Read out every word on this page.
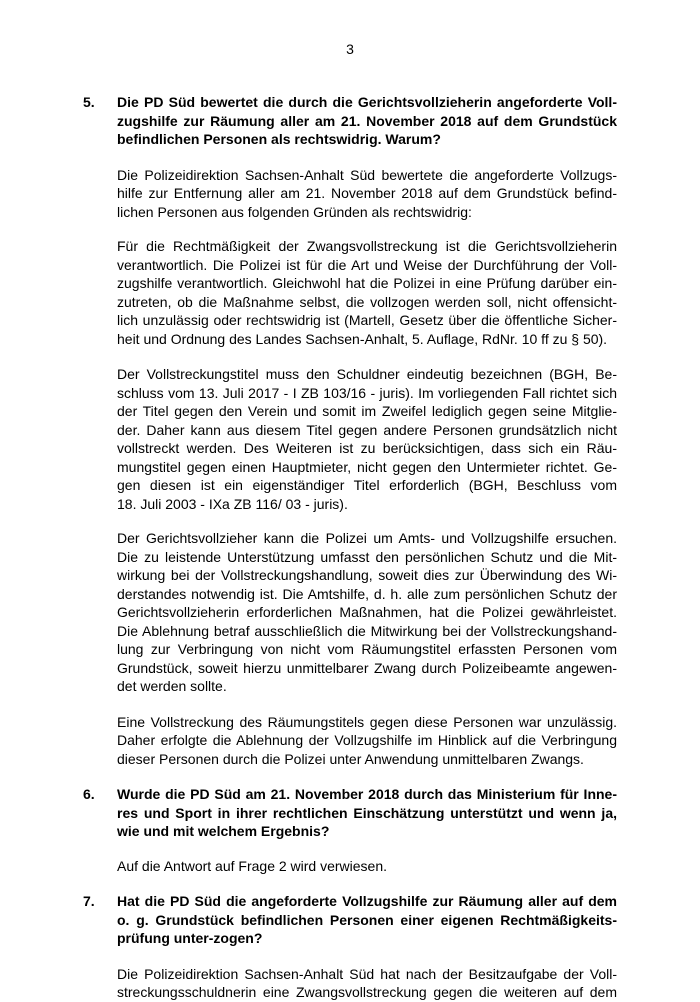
3
5.	Die PD Süd bewertet die durch die Gerichtsvollzieherin angeforderte Voll-
zugshilfe zur Räumung aller am 21. November 2018 auf dem Grundstück
befindlichen Personen als rechtswidrig. Warum?
Die Polizeidirektion Sachsen-Anhalt Süd bewertete die angeforderte Vollzugs-
hilfe zur Entfernung aller am 21. November 2018 auf dem Grundstück befind-
lichen Personen aus folgenden Gründen als rechtswidrig:
Für die Rechtmäßigkeit der Zwangsvollstreckung ist die Gerichtsvollzieherin
verantwortlich. Die Polizei ist für die Art und Weise der Durchführung der Voll-
zugshilfe verantwortlich. Gleichwohl hat die Polizei in eine Prüfung darüber ein-
zutreten, ob die Maßnahme selbst, die vollzogen werden soll, nicht offensicht-
lich unzulässig oder rechtswidrig ist (Martell, Gesetz über die öffentliche Sicher-
heit und Ordnung des Landes Sachsen-Anhalt, 5. Auflage, RdNr. 10 ff zu § 50).
Der Vollstreckungstitel muss den Schuldner eindeutig bezeichnen (BGH, Be-
schluss vom 13. Juli 2017 - I ZB 103/16 - juris). Im vorliegenden Fall richtet sich
der Titel gegen den Verein und somit im Zweifel lediglich gegen seine Mitglie-
der. Daher kann aus diesem Titel gegen andere Personen grundsätzlich nicht
vollstreckt werden. Des Weiteren ist zu berücksichtigen, dass sich ein Räu-
mungstitel gegen einen Hauptmieter, nicht gegen den Untermieter richtet. Ge-
gen diesen ist ein eigenständiger Titel erforderlich (BGH, Beschluss vom
18. Juli 2003 - IXa ZB 116/ 03 - juris).
Der Gerichtsvollzieher kann die Polizei um Amts- und Vollzugshilfe ersuchen.
Die zu leistende Unterstützung umfasst den persönlichen Schutz und die Mit-
wirkung bei der Vollstreckungshandlung, soweit dies zur Überwindung des Wi-
derstandes notwendig ist. Die Amtshilfe, d. h. alle zum persönlichen Schutz der
Gerichtsvollzieherin erforderlichen Maßnahmen, hat die Polizei gewährleistet.
Die Ablehnung betraf ausschließlich die Mitwirkung bei der Vollstreckungshand-
lung zur Verbringung von nicht vom Räumungstitel erfassten Personen vom
Grundstück, soweit hierzu unmittelbarer Zwang durch Polizeibeamte angewen-
det werden sollte.
Eine Vollstreckung des Räumungstitels gegen diese Personen war unzulässig.
Daher erfolgte die Ablehnung der Vollzugshilfe im Hinblick auf die Verbringung
dieser Personen durch die Polizei unter Anwendung unmittelbaren Zwangs.
6.	Wurde die PD Süd am 21. November 2018 durch das Ministerium für Inne-
res und Sport in ihrer rechtlichen Einschätzung unterstützt und wenn ja,
wie und mit welchem Ergebnis?
Auf die Antwort auf Frage 2 wird verwiesen.
7.	Hat die PD Süd die angeforderte Vollzugshilfe zur Räumung aller auf dem
o. g. Grundstück befindlichen Personen einer eigenen Rechtmäßigkeits-
prüfung unter-zogen?
Die Polizeidirektion Sachsen-Anhalt Süd hat nach der Besitzaufgabe der Voll-
streckungsschuldnerin eine Zwangsvollstreckung gegen die weiteren auf dem
